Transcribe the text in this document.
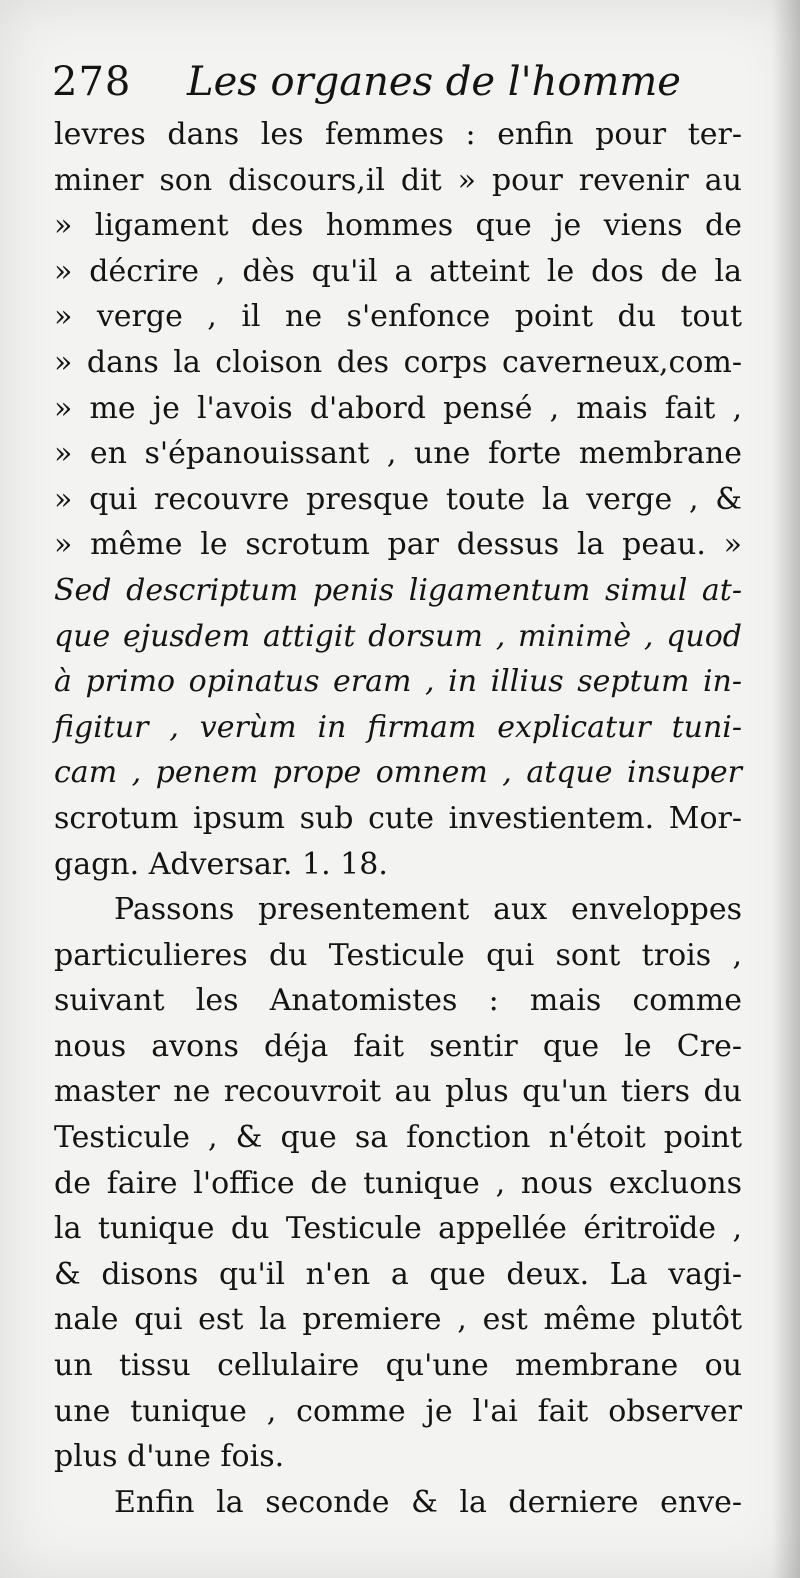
278 Les organes de l'homme
levres dans les femmes : enfin pour ter-
miner son discours,il dit » pour revenir au
» ligament des hommes que je viens de
» décrire , dès qu'il a atteint le dos de la
» verge , il ne s'enfonce point du tout
» dans la cloison des corps caverneux,com-
» me je l'avois d'abord pensé , mais fait ,
» en s'épanouissant , une forte membrane
» qui recouvre presque toute la verge , &
» même le scrotum par dessus la peau. »
Sed descriptum penis ligamentum simul at-
que ejusdem attigit dorsum , minimè , quod
à primo opinatus eram , in illius septum in-
figitur , verùm in firmam explicatur tuni-
cam , penem prope omnem , atque insuper
scrotum ipsum sub cute investientem. Mor-
gagn. Adversar. 1. 18.
Passons presentement aux enveloppes
particulieres du Testicule qui sont trois ,
suivant les Anatomistes : mais comme
nous avons déja fait sentir que le Cre-
master ne recouvroit au plus qu'un tiers du
Testicule , & que sa fonction n'étoit point
de faire l'office de tunique , nous excluons
la tunique du Testicule appellée éritroïde ,
& disons qu'il n'en a que deux. La vagi-
nale qui est la premiere , est même plutôt
un tissu cellulaire qu'une membrane ou
une tunique , comme je l'ai fait observer
plus d'une fois.
Enfin la seconde & la derniere enve-
